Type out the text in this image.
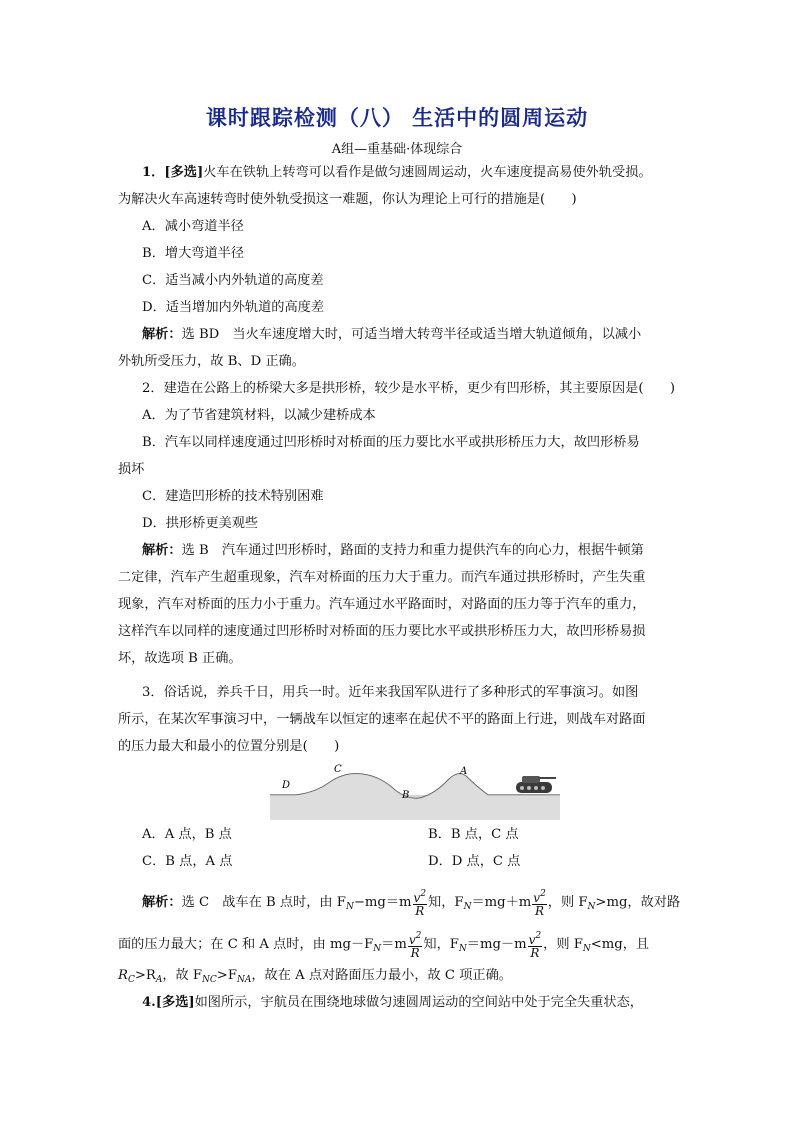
课时跟踪检测（八） 生活中的圆周运动
A组—重基础·体现综合
1．[多选]火车在铁轨上转弯可以看作是做匀速圆周运动，火车速度提高易使外轨受损。
为解决火车高速转弯时使外轨受损这一难题，你认为理论上可行的措施是(　　)
A．减小弯道半径
B．增大弯道半径
C．适当减小内外轨道的高度差
D．适当增加内外轨道的高度差
解析：选 BD　当火车速度增大时，可适当增大转弯半径或适当增大轨道倾角，以减小
外轨所受压力，故 B、D 正确。
2．建造在公路上的桥梁大多是拱形桥，较少是水平桥，更少有凹形桥，其主要原因是(　　)
A．为了节省建筑材料，以减少建桥成本
B．汽车以同样速度通过凹形桥时对桥面的压力要比水平或拱形桥压力大，故凹形桥易
损坏
C．建造凹形桥的技术特别困难
D．拱形桥更美观些
解析：选 B　汽车通过凹形桥时，路面的支持力和重力提供汽车的向心力，根据牛顿第
二定律，汽车产生超重现象，汽车对桥面的压力大于重力。而汽车通过拱形桥时，产生失重
现象，汽车对桥面的压力小于重力。汽车通过水平路面时，对路面的压力等于汽车的重力，
这样汽车以同样的速度通过凹形桥时对桥面的压力要比水平或拱形桥压力大，故凹形桥易损
坏，故选项 B 正确。
3．俗话说，养兵千日，用兵一时。近年来我国军队进行了多种形式的军事演习。如图
所示，在某次军事演习中，一辆战车以恒定的速率在起伏不平的路面上行进，则战车对路面
的压力最大和最小的位置分别是(　　)
D
C
B
A
A．A 点，B 点	B．B 点，C 点
C．B 点，A 点	D．D 点，C 点
解析：选 C　战车在 B 点时，由 $F_N-mg=m \frac{v^2}{R}$ 知，$F_N=mg+m \frac{v^2}{R}$ ，则 $F_N>mg$，故对路
面的压力最大；在 C 和 A 点时，由 $mg-F_N=m \frac{v^2}{R}$ 知，$F_N=mg-m \frac{v^2}{R}$ ，则 $F_N<mg$，且
$R_C>R_A$，故 $F_{NC}>F_{NA}$，故在 A 点对路面压力最小，故 C 项正确。
4.[多选]如图所示，宇航员在围绕地球做匀速圆周运动的空间站中处于完全失重状态，
